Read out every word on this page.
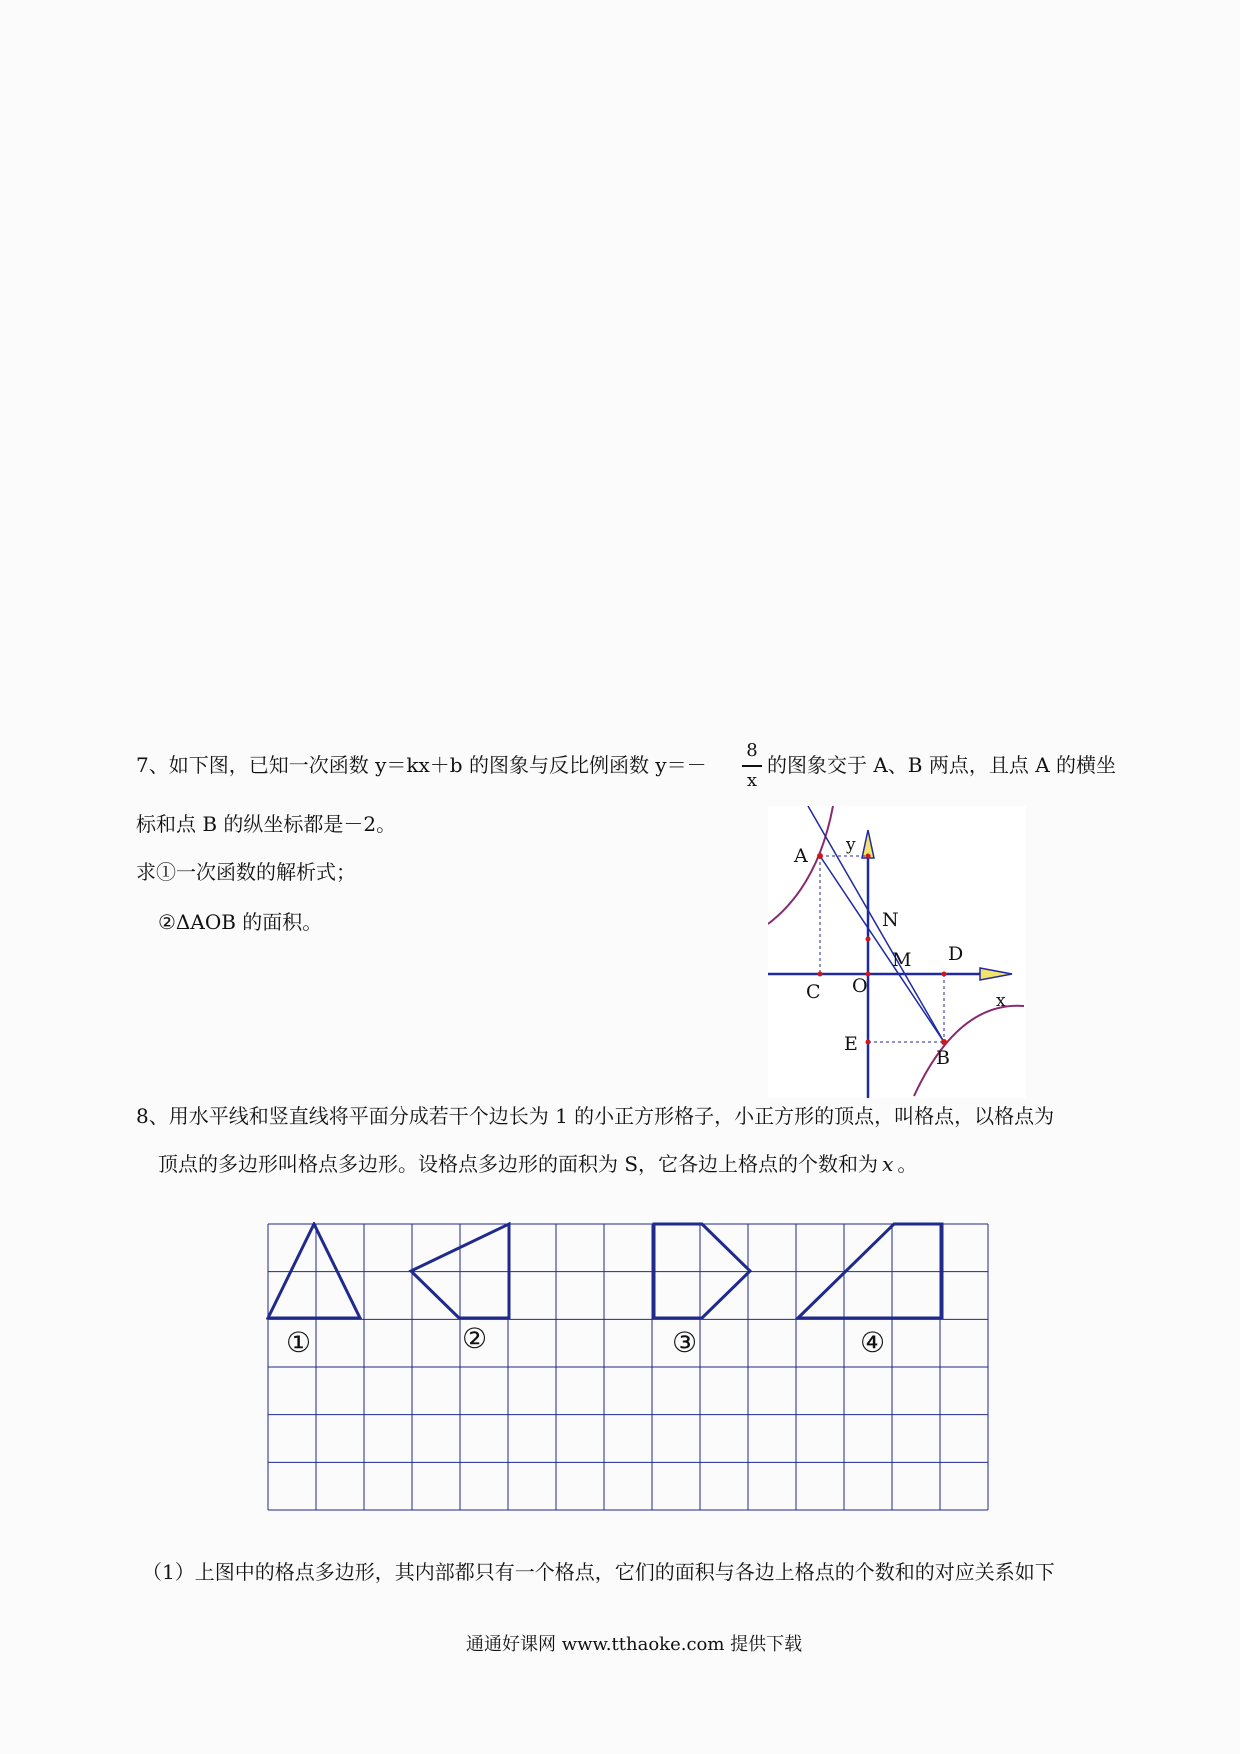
7、如下图，已知一次函数 y＝kx＋b 的图象与反比例函数 y＝－
8
x
的图象交于 A、B 两点，且点 A 的横坐
标和点 B 的纵坐标都是－2。
求①一次函数的解析式；
②ΔAOB 的面积。
A y
N
M D
C O
x
E
B
8、用水平线和竖直线将平面分成若干个边长为 1 的小正方形格子，小正方形的顶点，叫格点，以格点为
顶点的多边形叫格点多边形。设格点多边形的面积为 S，它各边上格点的个数和为 x 。
①	②	③	④
（1）上图中的格点多边形，其内部都只有一个格点，它们的面积与各边上格点的个数和的对应关系如下
通通好课网 www.tthaoke.com 提供下载
